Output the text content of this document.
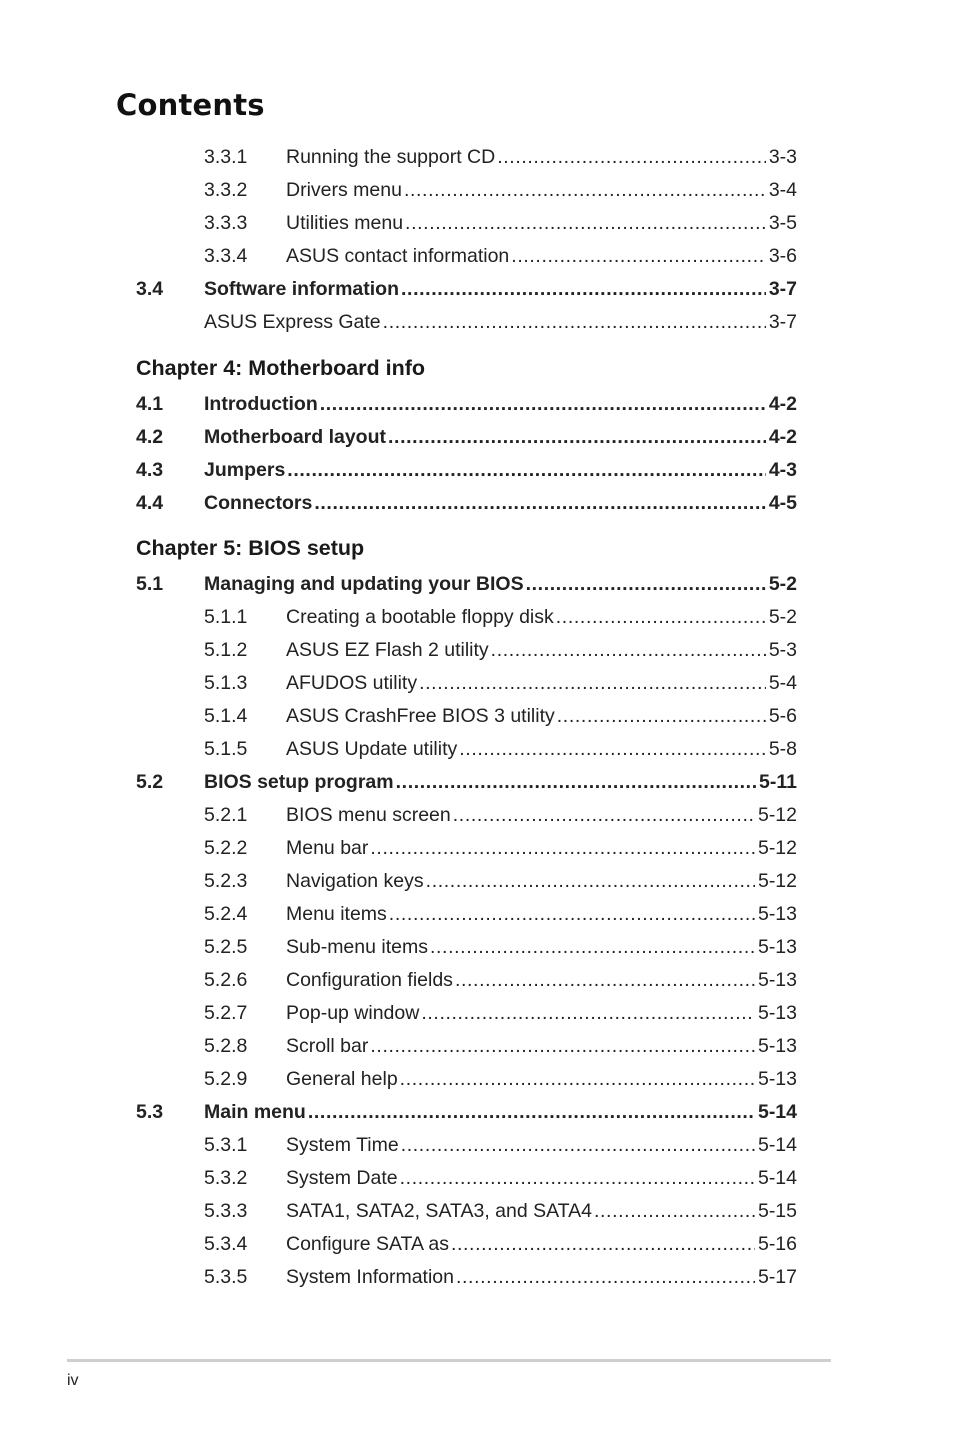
Contents
3.3.1 Running the support CD . . .	3-3
3.3.2 Drivers menu . . .	3-4
3.3.3 Utilities menu . . .	3-5
3.3.4 ASUS contact information . . .	3-6
3.4 Software information . . .	3-7
ASUS Express Gate . . .	3-7
Chapter 4: Motherboard info
4.1 Introduction . . .	4-2
4.2 Motherboard layout . . .	4-2
4.3 Jumpers . . .	4-3
4.4 Connectors . . .	4-5
Chapter 5: BIOS setup
5.1 Managing and updating your BIOS . . .	5-2
5.1.1 Creating a bootable floppy disk . . .	5-2
5.1.2 ASUS EZ Flash 2 utility . . .	5-3
5.1.3 AFUDOS utility . . .	5-4
5.1.4 ASUS CrashFree BIOS 3 utility . . .	5-6
5.1.5 ASUS Update utility . . .	5-8
5.2 BIOS setup program . . .	5-11
5.2.1 BIOS menu screen . . .	5-12
5.2.2 Menu bar . . .	5-12
5.2.3 Navigation keys . . .	5-12
5.2.4 Menu items . . .	5-13
5.2.5 Sub-menu items . . .	5-13
5.2.6 Configuration fields . . .	5-13
5.2.7 Pop-up window . . .	5-13
5.2.8 Scroll bar . . .	5-13
5.2.9 General help . . .	5-13
5.3 Main menu . . .	5-14
5.3.1 System Time . . .	5-14
5.3.2 System Date . . .	5-14
5.3.3 SATA1, SATA2, SATA3, and SATA4 . . .	5-15
5.3.4 Configure SATA as . . .	5-16
5.3.5 System Information . . .	5-17
iv
